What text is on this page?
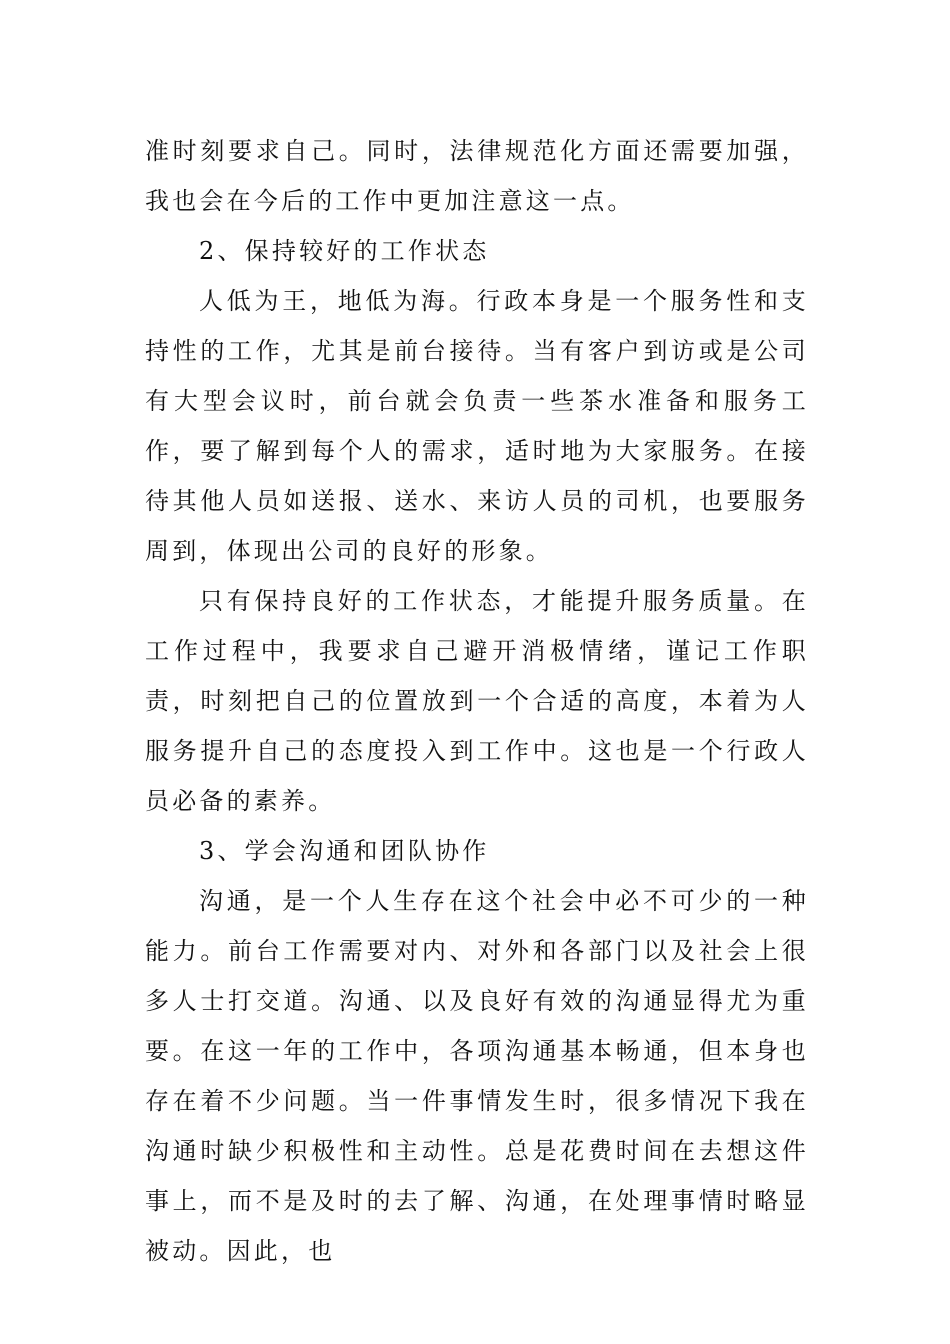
准时刻要求自己。同时，法律规范化方面还需要加强，我也会在今后的工作中更加注意这一点。

2、保持较好的工作状态

人低为王，地低为海。行政本身是一个服务性和支持性的工作，尤其是前台接待。当有客户到访或是公司有大型会议时，前台就会负责一些茶水准备和服务工作，要了解到每个人的需求，适时地为大家服务。在接待其他人员如送报、送水、来访人员的司机，也要服务周到，体现出公司的良好的形象。

只有保持良好的工作状态，才能提升服务质量。在工作过程中，我要求自己避开消极情绪，谨记工作职责，时刻把自己的位置放到一个合适的高度，本着为人服务提升自己的态度投入到工作中。这也是一个行政人员必备的素养。

3、学会沟通和团队协作

沟通，是一个人生存在这个社会中必不可少的一种能力。前台工作需要对内、对外和各部门以及社会上很多人士打交道。沟通、以及良好有效的沟通显得尤为重要。在这一年的工作中，各项沟通基本畅通，但本身也存在着不少问题。当一件事情发生时，很多情况下我在沟通时缺少积极性和主动性。总是花费时间在去想这件事上，而不是及时的去了解、沟通，在处理事情时略显被动。因此，也
